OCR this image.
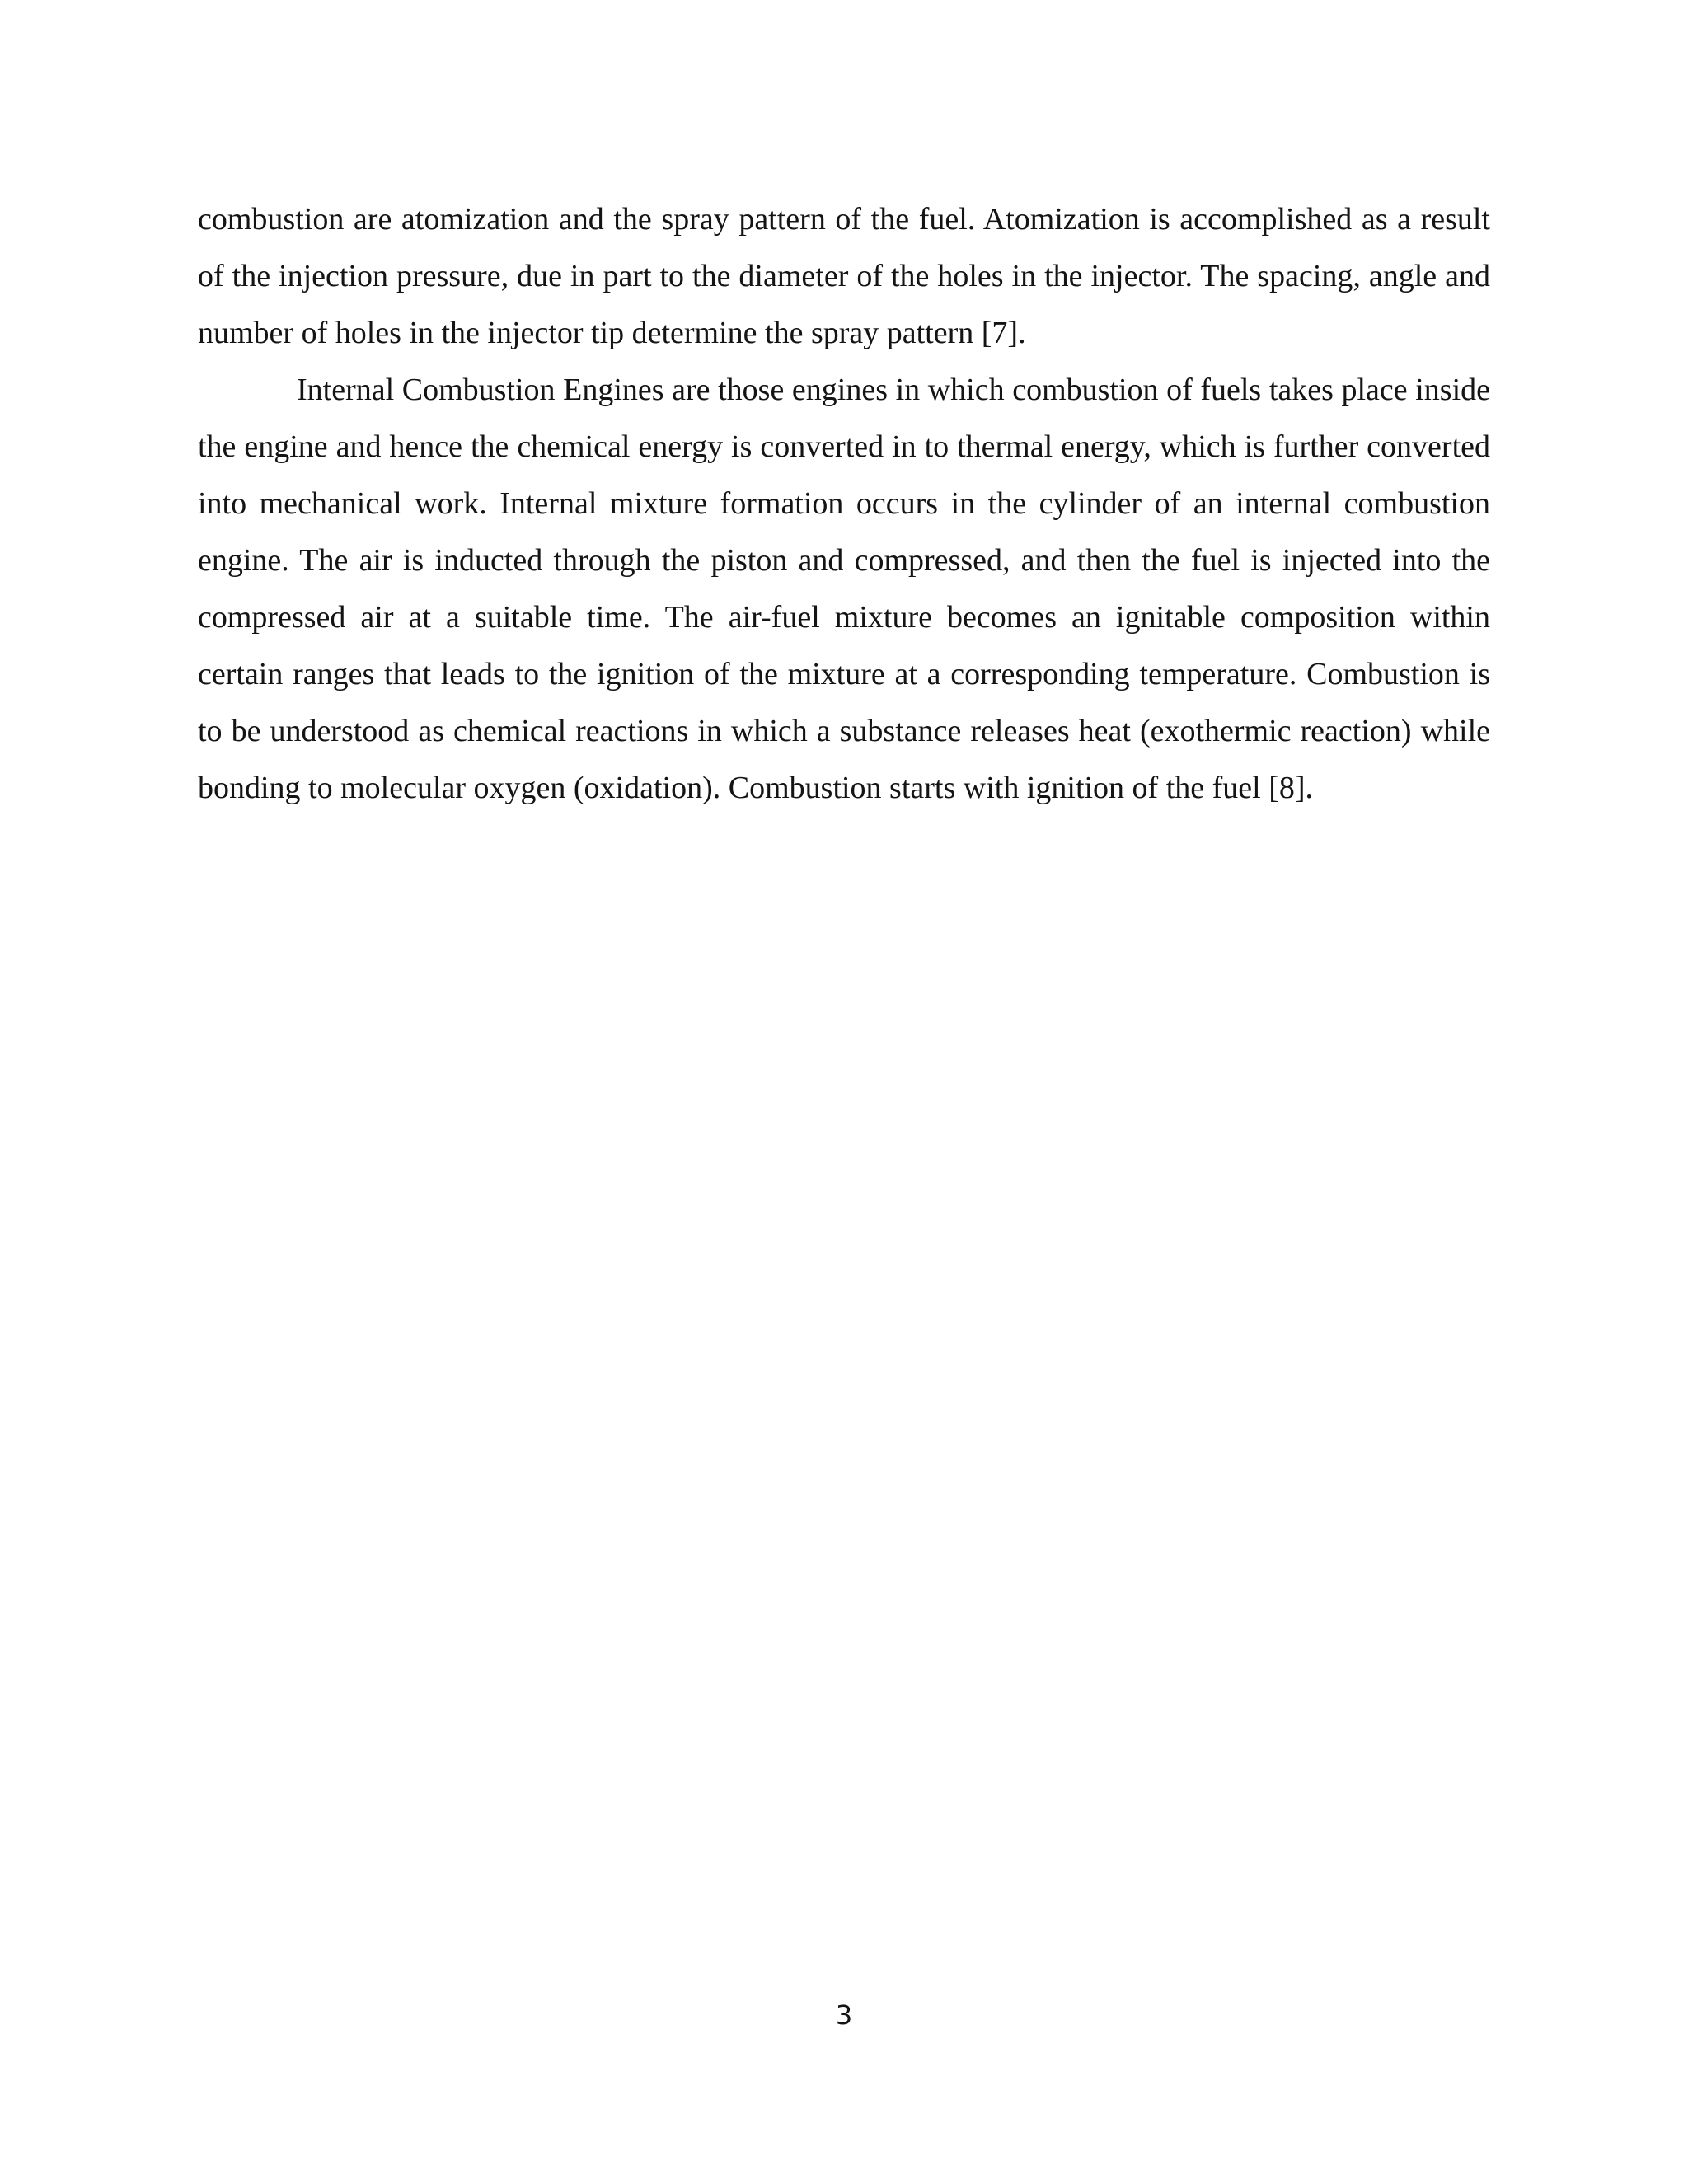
combustion are atomization and the spray pattern of the fuel. Atomization is accomplished as a result of the injection pressure, due in part to the diameter of the holes in the injector. The spacing, angle and number of holes in the injector tip determine the spray pattern [7].

Internal Combustion Engines are those engines in which combustion of fuels takes place inside the engine and hence the chemical energy is converted in to thermal energy, which is further converted into mechanical work. Internal mixture formation occurs in the cylinder of an internal combustion engine. The air is inducted through the piston and compressed, and then the fuel is injected into the compressed air at a suitable time. The air-fuel mixture becomes an ignitable composition within certain ranges that leads to the ignition of the mixture at a corresponding temperature. Combustion is to be understood as chemical reactions in which a substance releases heat (exothermic reaction) while bonding to molecular oxygen (oxidation). Combustion starts with ignition of the fuel [8].

3
